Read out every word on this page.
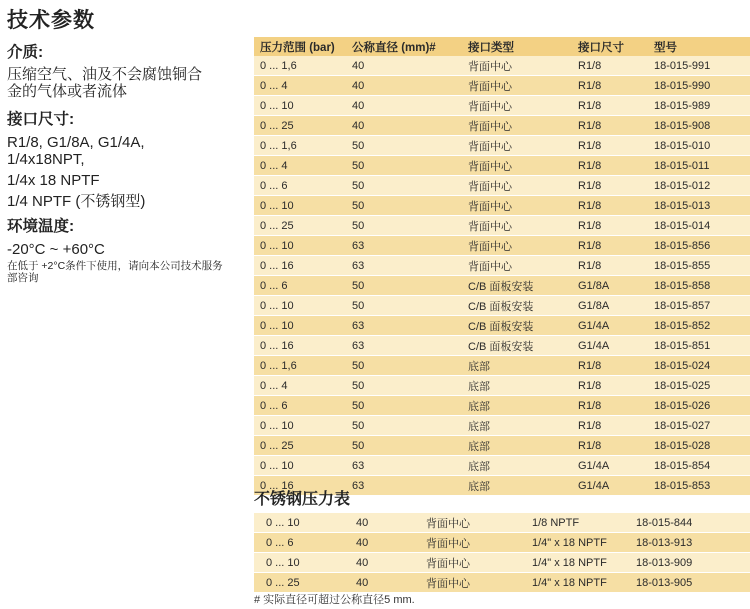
技术参数

介质:

压缩空气、油及不会腐蚀铜合

金的气体或者流体

接口尺寸:

R1/8, G1/8A, G1/4A,

1/4x18NPT,

1/4x 18 NPTF

1/4 NPTF (不锈钢型)

环境温度:

-20°C ~ +60°C

在低于 +2°C条件下使用，请向本公司技术服务

部咨询

压力范围 (bar)	公称直径 (mm)#	接口类型	接口尺寸	型号
0 ... 1,6	40	背面中心	R1/8	18-015-991
0 ... 4	40	背面中心	R1/8	18-015-990
0 ... 10	40	背面中心	R1/8	18-015-989
0 ... 25	40	背面中心	R1/8	18-015-908
0 ... 1,6	50	背面中心	R1/8	18-015-010
0 ... 4	50	背面中心	R1/8	18-015-011
0 ... 6	50	背面中心	R1/8	18-015-012
0 ... 10	50	背面中心	R1/8	18-015-013
0 ... 25	50	背面中心	R1/8	18-015-014
0 ... 10	63	背面中心	R1/8	18-015-856
0 ... 16	63	背面中心	R1/8	18-015-855
0 ... 6	50	C/B 面板安装	G1/8A	18-015-858
0 ... 10	50	C/B 面板安装	G1/8A	18-015-857
0 ... 10	63	C/B 面板安装	G1/4A	18-015-852
0 ... 16	63	C/B 面板安装	G1/4A	18-015-851
0 ... 1,6	50	底部	R1/8	18-015-024
0 ... 4	50	底部	R1/8	18-015-025
0 ... 6	50	底部	R1/8	18-015-026
0 ... 10	50	底部	R1/8	18-015-027
0 ... 25	50	底部	R1/8	18-015-028
0 ... 10	63	底部	G1/4A	18-015-854
0 ... 16	63	底部	G1/4A	18-015-853
不锈钢压力表
0 ... 10	40	背面中心	1/8 NPTF	18-015-844
0 ... 6	40	背面中心	1/4" x 18 NPTF	18-013-913
0 ... 10	40	背面中心	1/4" x 18 NPTF	18-013-909
0 ... 25	40	背面中心	1/4" x 18 NPTF	18-013-905

# 实际直径可超过公称直径5 mm.
